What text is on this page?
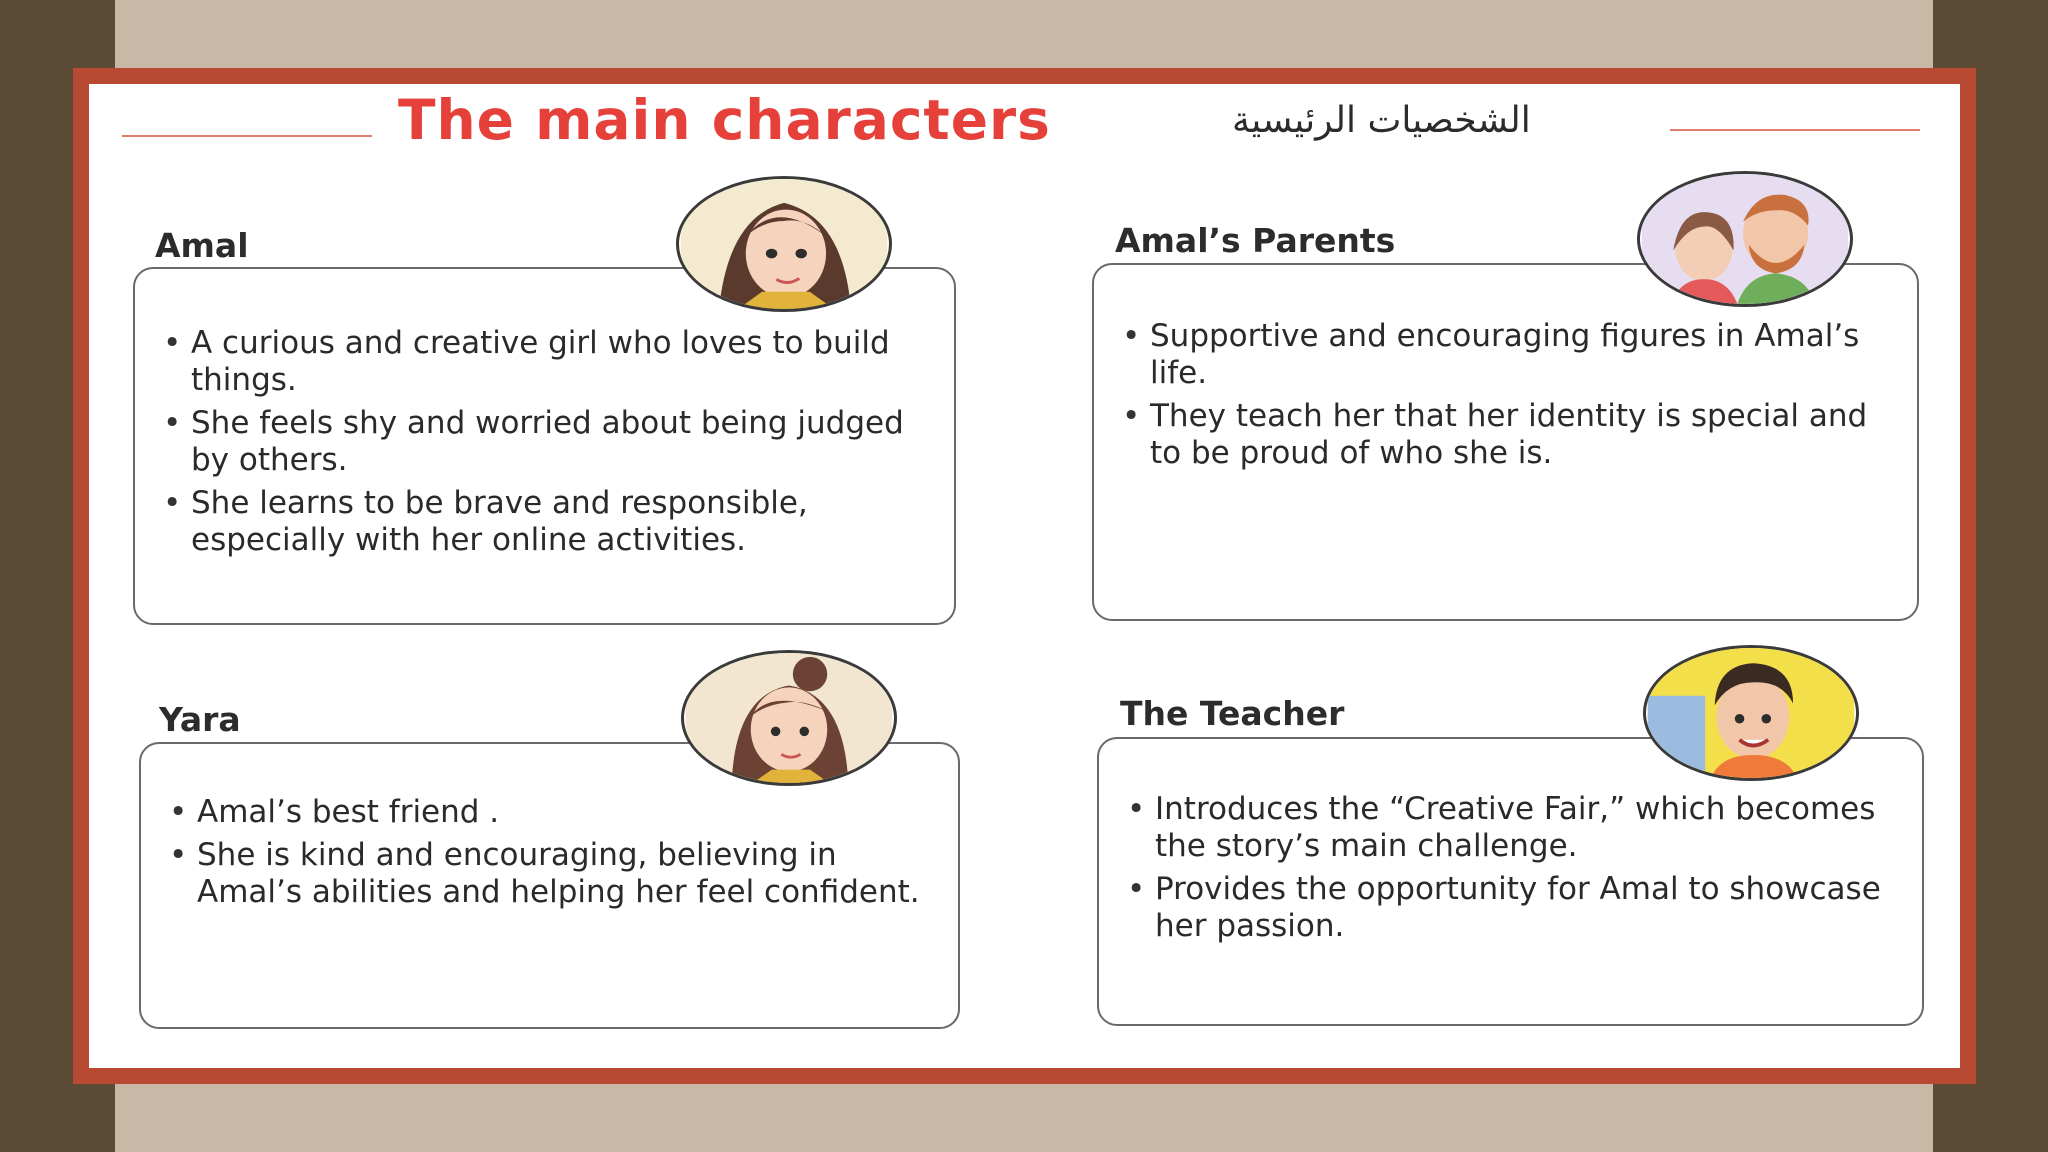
The main characters	الشخصيات الرئيسية
Amal
• A curious and creative girl who loves to build things.
• She feels shy and worried about being judged by others.
• She learns to be brave and responsible, especially with her online activities.
Amal’s Parents
• Supportive and encouraging figures in Amal’s life.
• They teach her that her identity is special and to be proud of who she is.
Yara
• Amal’s best friend .
• She is kind and encouraging, believing in Amal’s abilities and helping her feel confident.
The Teacher
• Introduces the “Creative Fair,” which becomes the story’s main challenge.
• Provides the opportunity for Amal to showcase her passion.
